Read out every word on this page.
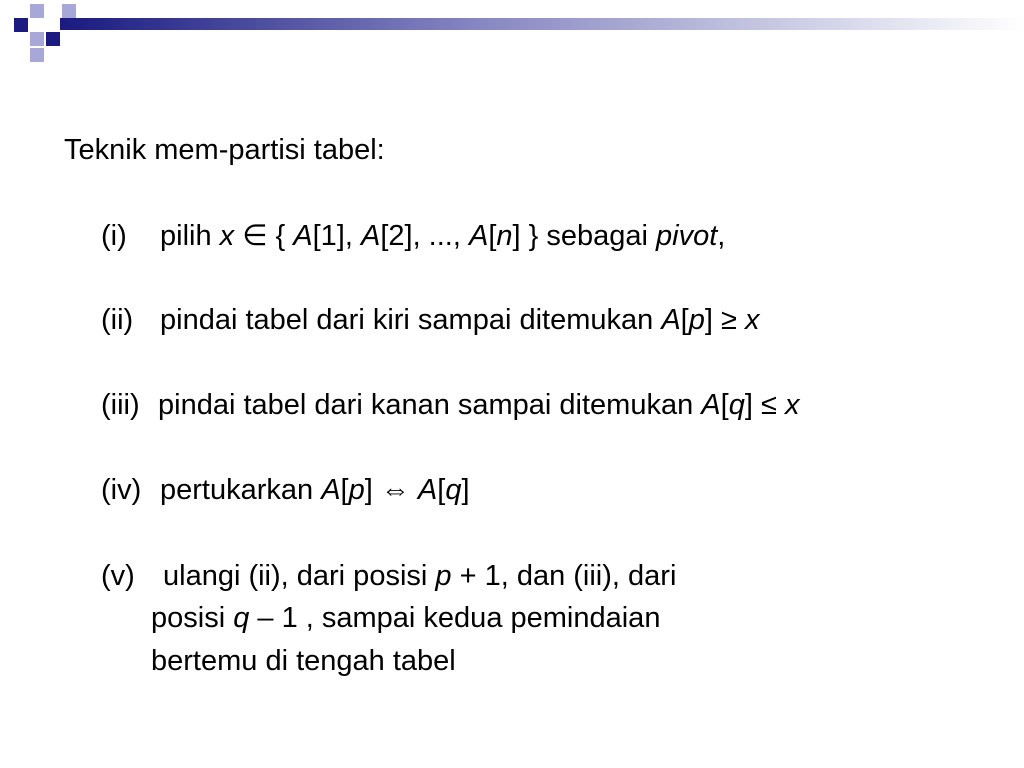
Teknik mem-partisi tabel:
(i) pilih x ∈ { A[1], A[2], ..., A[n] } sebagai pivot,
(ii) pindai tabel dari kiri sampai ditemukan A[p] ≥ x
(iii) pindai tabel dari kanan sampai ditemukan A[q] ≤ x
(iv) pertukarkan A[p] ⇔ A[q]
(v) ulangi (ii), dari posisi p + 1, dan (iii), dari
posisi q – 1 , sampai kedua pemindaian
bertemu di tengah tabel
